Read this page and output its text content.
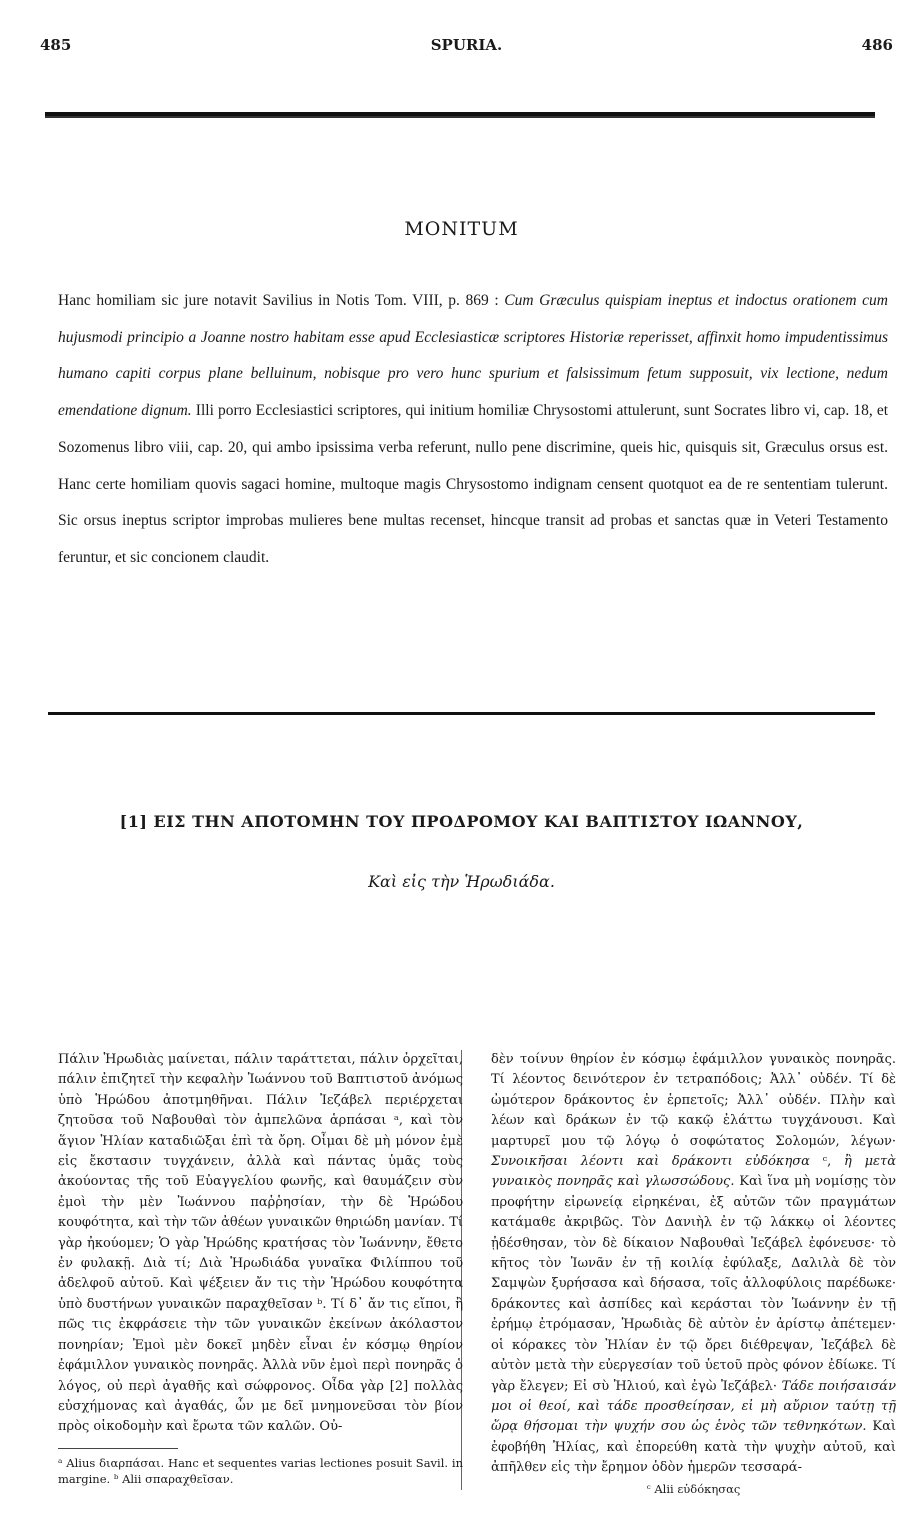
485	SPURIA.	486
MONITUM
Hanc homiliam sic jure notavit Savilius in Notis Tom. VIII, p. 869 : Cum Græculus quispiam ineptus et indoctus orationem cum hujusmodi principio a Joanne nostro habitam esse apud Ecclesiasticæ scriptores Historiæ reperisset, affinxit homo impudentissimus humano capiti corpus plane belluinum, nobisque pro vero hunc spurium et falsissimum fetum supposuit, vix lectione, nedum emendatione dignum. Illi porro Ecclesiastici scriptores, qui initium homiliæ Chrysostomi attulerunt, sunt Socrates libro vi, cap. 18, et Sozomenus libro viii, cap. 20, qui ambo ipsissima verba referunt, nullo pene discrimine, queis hic, quisquis sit, Græculus orsus est. Hanc certe homiliam quovis sagaci homine, multoque magis Chrysostomo indignam censent quotquot ea de re sententiam tulerunt. Sic orsus ineptus scriptor improbas mulieres bene multas recenset, hincque transit ad probas et sanctas quæ in Veteri Testamento feruntur, et sic concionem claudit.
[1] ΕΙΣ ΤΗΝ ΑΠΟΤΟΜΗΝ ΤΟΥ ΠΡΟΔΡΟΜΟΥ ΚΑΙ ΒΑΠΤΙΣΤΟΥ ΙΩΑΝΝΟΥ,
Καὶ εἰς τὴν Ἡρωδιάδα.
Πάλιν Ἡρωδιὰς μαίνεται, πάλιν ταράττεται, πάλιν ὀρχεῖται, πάλιν ἐπιζητεῖ τὴν κεφαλὴν Ἰωάννου τοῦ Βαπτιστοῦ ἀνόμως ὑπὸ Ἡρώδου ἀποτμηθῆναι. Πάλιν Ἰεζάβελ περιέρχεται ζητοῦσα τοῦ Ναβουθαὶ τὸν ἀμπελῶνα ἁρπάσαι ᵃ, καὶ τὸν ἅγιον Ἠλίαν καταδιῶξαι ἐπὶ τὰ ὄρη. Οἶμαι δὲ μὴ μόνον ἐμὲ εἰς ἔκστασιν τυγχάνειν, ἀλλὰ καὶ πάντας ὑμᾶς τοὺς ἀκούοντας τῆς τοῦ Εὐαγγελίου φωνῆς, καὶ θαυμάζειν σὺν ἐμοὶ τὴν μὲν Ἰωάννου παῤῥησίαν, τὴν δὲ Ἡρώδου κουφότητα, καὶ τὴν τῶν ἀθέων γυναικῶν θηριώδη μανίαν. Τί γὰρ ἠκούομεν; Ὁ γὰρ Ἡρώδης κρατήσας τὸν Ἰωάννην, ἔθετο ἐν φυλακῇ. Διὰ τί; Διὰ Ἡρωδιάδα γυναῖκα Φιλίππου τοῦ ἀδελφοῦ αὐτοῦ. Καὶ ψέξειεν ἄν τις τὴν Ἡρώδου κουφότητα ὑπὸ δυστήνων γυναικῶν παραχθεῖσαν ᵇ. Τί δ᾽ ἄν τις εἴποι, ἢ πῶς τις ἐκφράσειε τὴν τῶν γυναικῶν ἐκείνων ἀκόλαστον πονηρίαν; Ἐμοὶ μὲν δοκεῖ μηδὲν εἶναι ἐν κόσμῳ θηρίον ἐφάμιλλον γυναικὸς πονηρᾶς. Ἀλλὰ νῦν ἐμοὶ περὶ πονηρᾶς ὁ λόγος, οὐ περὶ ἀγαθῆς καὶ σώφρονος. Οἶδα γὰρ [2] πολλὰς εὐσχήμονας καὶ ἀγαθάς, ὧν με δεῖ μνημονεῦσαι τὸν βίον πρὸς οἰκοδομὴν καὶ ἔρωτα τῶν καλῶν. Οὐ-
ᵃ Alius διαρπάσαι. Hanc et sequentes varias lectiones posuit Savil. in margine. ᵇ Alii σπαραχθεῖσαν.
δὲν τοίνυν θηρίον ἐν κόσμῳ ἐφάμιλλον γυναικὸς πονηρᾶς. Τί λέοντος δεινότερον ἐν τετραπόδοις; Ἀλλ᾽ οὐδέν. Τί δὲ ὠμότερον δράκοντος ἐν ἑρπετοῖς; Ἀλλ᾽ οὐδέν. Πλὴν καὶ λέων καὶ δράκων ἐν τῷ κακῷ ἐλάττω τυγχάνουσι. Καὶ μαρτυρεῖ μου τῷ λόγῳ ὁ σοφώτατος Σολομών, λέγων· Συνοικῆσαι λέοντι καὶ δράκοντι εὐδόκησα ᶜ, ἢ μετὰ γυναικὸς πονηρᾶς καὶ γλωσσώδους. Καὶ ἵνα μὴ νομίσῃς τὸν προφήτην εἰρωνείᾳ εἰρηκέναι, ἐξ αὐτῶν τῶν πραγμάτων κατάμαθε ἀκριβῶς. Τὸν Δανιὴλ ἐν τῷ λάκκῳ οἱ λέοντες ᾐδέσθησαν, τὸν δὲ δίκαιον Ναβουθαὶ Ἰεζάβελ ἐφόνευσε· τὸ κῆτος τὸν Ἰωνᾶν ἐν τῇ κοιλίᾳ ἐφύλαξε, Δαλιλὰ δὲ τὸν Σαμψὼν ξυρήσασα καὶ δήσασα, τοῖς ἀλλοφύλοις παρέδωκε· δράκοντες καὶ ἀσπίδες καὶ κεράσται τὸν Ἰωάννην ἐν τῇ ἐρήμῳ ἐτρόμασαν, Ἡρωδιὰς δὲ αὐτὸν ἐν ἀρίστῳ ἀπέτεμεν· οἱ κόρακες τὸν Ἠλίαν ἐν τῷ ὄρει διέθρεψαν, Ἰεζάβελ δὲ αὐτὸν μετὰ τὴν εὐεργεσίαν τοῦ ὑετοῦ πρὸς φόνον ἐδίωκε. Τί γὰρ ἔλεγεν; Εἰ σὺ Ἠλιού, καὶ ἐγὼ Ἰεζάβελ· Τάδε ποιήσαισάν μοι οἱ θεοί, καὶ τάδε προσθείησαν, εἰ μὴ αὔριον ταύτῃ τῇ ὥρᾳ θήσομαι τὴν ψυχήν σου ὡς ἑνὸς τῶν τεθνηκότων. Καὶ ἐφοβήθη Ἠλίας, καὶ ἐπορεύθη κατὰ τὴν ψυχὴν αὐτοῦ, καὶ ἀπῆλθεν εἰς τὴν ἔρημον ὁδὸν ἡμερῶν τεσσαρά-
ᶜ Alii εὐδόκησας
